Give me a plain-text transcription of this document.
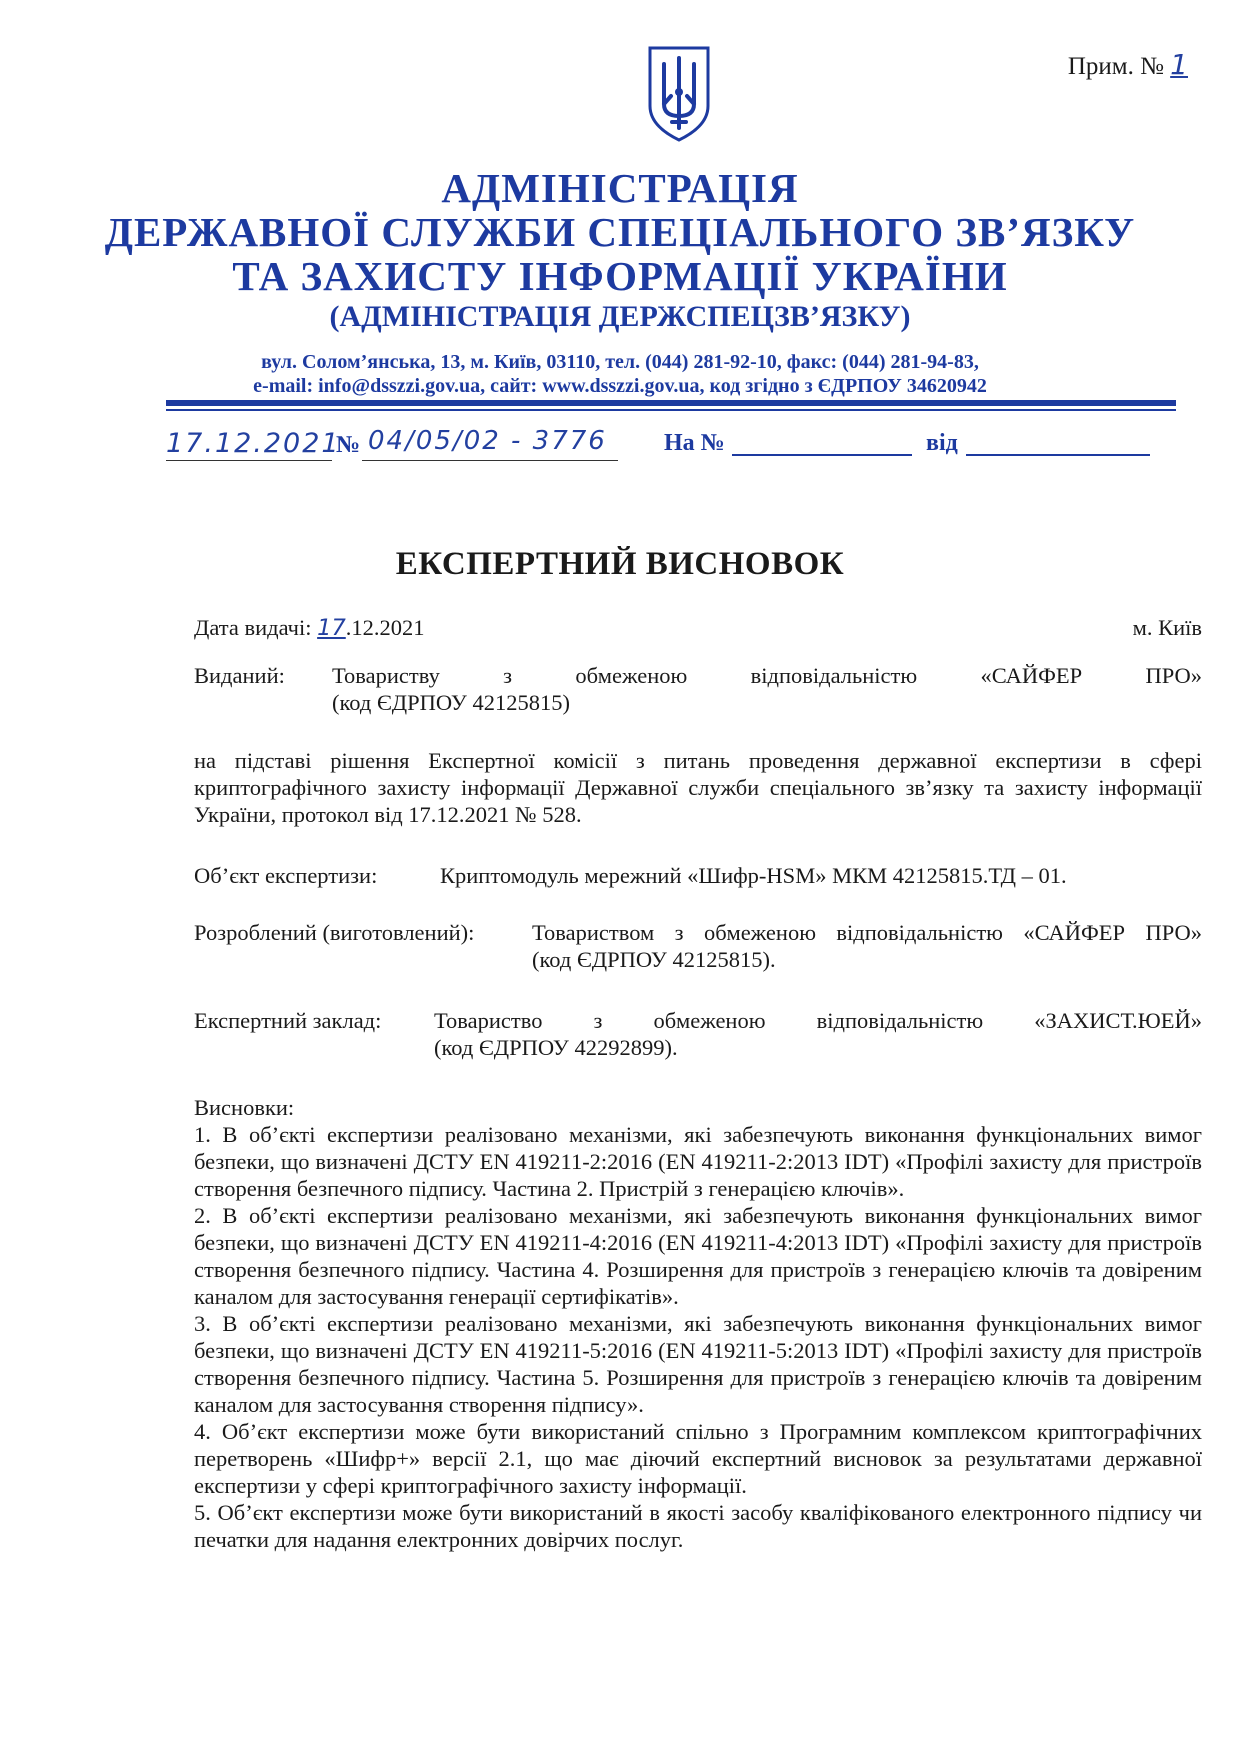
Прим. № 1
АДМІНІСТРАЦІЯ
ДЕРЖАВНОЇ СЛУЖБИ СПЕЦІАЛЬНОГО ЗВ’ЯЗКУ
ТА ЗАХИСТУ ІНФОРМАЦІЇ УКРАЇНИ
(АДМІНІСТРАЦІЯ ДЕРЖСПЕЦЗВ’ЯЗКУ)
вул. Солом’янська, 13, м. Київ, 03110, тел. (044) 281-92-10, факс: (044) 281-94-83,
e-mail: info@dsszzi.gov.ua, сайт: www.dsszzi.gov.ua, код згідно з ЄДРПОУ 34620942
17.12.2021
№ 04/05/02 - 3776 На №	від
ЕКСПЕРТНИЙ ВИСНОВОК
Дата видачі: 17.12.2021	м. Київ
Виданий: Товариству з обмеженою відповідальністю «САЙФЕР ПРО»
(код ЄДРПОУ 42125815)
на підставі рішення Експертної комісії з питань проведення державної експертизи в сфері криптографічного захисту інформації Державної служби спеціального зв’язку та захисту інформації України, протокол від 17.12.2021 № 528.
Об’єкт експертизи:	Криптомодуль мережний «Шифр-HSM» МКМ 42125815.ТД – 01.
Розроблений (виготовлений):	Товариством з обмеженою відповідальністю «САЙФЕР ПРО»
(код ЄДРПОУ 42125815).
Експертний заклад: Товариство з обмеженою відповідальністю «ЗАХИСТ.ЮЕЙ»
(код ЄДРПОУ 42292899).
Висновки:

1. В об’єкті експертизи реалізовано механізми, які забезпечують виконання функціональних вимог безпеки, що визначені ДСТУ EN 419211-2:2016 (EN 419211-2:2013 IDT) «Профілі захисту для пристроїв створення безпечного підпису. Частина 2. Пристрій з генерацією ключів».

2. В об’єкті експертизи реалізовано механізми, які забезпечують виконання функціональних вимог безпеки, що визначені ДСТУ EN 419211-4:2016 (EN 419211-4:2013 IDT) «Профілі захисту для пристроїв створення безпечного підпису. Частина 4. Розширення для пристроїв з генерацією ключів та довіреним каналом для застосування генерації сертифікатів».

3. В об’єкті експертизи реалізовано механізми, які забезпечують виконання функціональних вимог безпеки, що визначені ДСТУ EN 419211-5:2016 (EN 419211-5:2013 IDT) «Профілі захисту для пристроїв створення безпечного підпису. Частина 5. Розширення для пристроїв з генерацією ключів та довіреним каналом для застосування створення підпису».

4. Об’єкт експертизи може бути використаний спільно з Програмним комплексом криптографічних перетворень «Шифр+» версії 2.1, що має діючий експертний висновок за результатами державної експертизи у сфері криптографічного захисту інформації.

5. Об’єкт експертизи може бути використаний в якості засобу кваліфікованого електронного підпису чи печатки для надання електронних довірчих послуг.
